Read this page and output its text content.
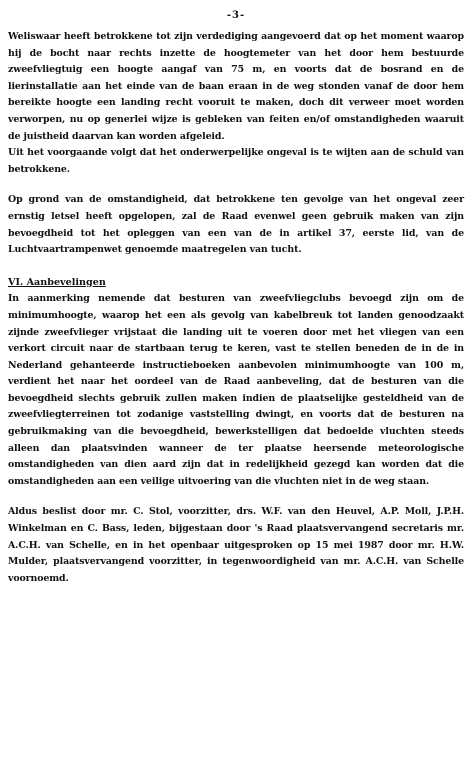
-3-

Weliswaar heeft betrokkene tot zijn verdediging aangevoerd dat op het moment waarop hij de bocht naar rechts inzette de hoogtemeter van het door hem bestuurde zweefvliegtuig een hoogte aangaf van 75 m, en voorts dat de bosrand en de lierinstallatie aan het einde van de baan eraan in de weg stonden vanaf de door hem bereikte hoogte een landing recht vooruit te maken, doch dit verweer moet worden verworpen, nu op generlei wijze is gebleken van feiten en/of omstandigheden waaruit de juistheid daarvan kan worden afgeleid.

Uit het voorgaande volgt dat het onderwerpelijke ongeval is te wijten aan de schuld van betrokkene.

Op grond van de omstandigheid, dat betrokkene ten gevolge van het ongeval zeer ernstig letsel heeft opgelopen, zal de Raad evenwel geen gebruik maken van zijn bevoegdheid tot het opleggen van een van de in artikel 37, eerste lid, van de Luchtvaartrampenwet genoemde maatregelen van tucht.

VI. Aanbevelingen

In aanmerking nemende dat besturen van zweefvliegclubs bevoegd zijn om de minimumhoogte, waarop het een als gevolg van kabelbreuk tot landen genoodzaakt zijnde zweefvlieger vrijstaat die landing uit te voeren door met het vliegen van een verkort circuit naar de startbaan terug te keren, vast te stellen beneden de in de in Nederland gehanteerde instructieboeken aanbevolen minimumhoogte van 100 m, verdient het naar het oordeel van de Raad aanbeveling, dat de besturen van die bevoegdheid slechts gebruik zullen maken indien de plaatselijke gesteldheid van de zweefvliegterreinen tot zodanige vaststelling dwingt, en voorts dat de besturen na gebruikmaking van die bevoegdheid, bewerkstelligen dat bedoelde vluchten steeds alleen dan plaatsvinden wanneer de ter plaatse heersende meteorologische omstandigheden van dien aard zijn dat in redelijkheid gezegd kan worden dat die omstandigheden aan een veilige uitvoering van die vluchten niet in de weg staan.

Aldus beslist door mr. C. Stol, voorzitter, drs. W.F. van den Heuvel, A.P. Moll, J.P.H. Winkelman en C. Bass, leden, bijgestaan door 's Raad plaatsvervangend secretaris mr. A.C.H. van Schelle, en in het openbaar uitgesproken op 15 mei 1987 door mr. H.W. Mulder, plaatsvervangend voorzitter, in tegenwoordigheid van mr. A.C.H. van Schelle voornoemd.
